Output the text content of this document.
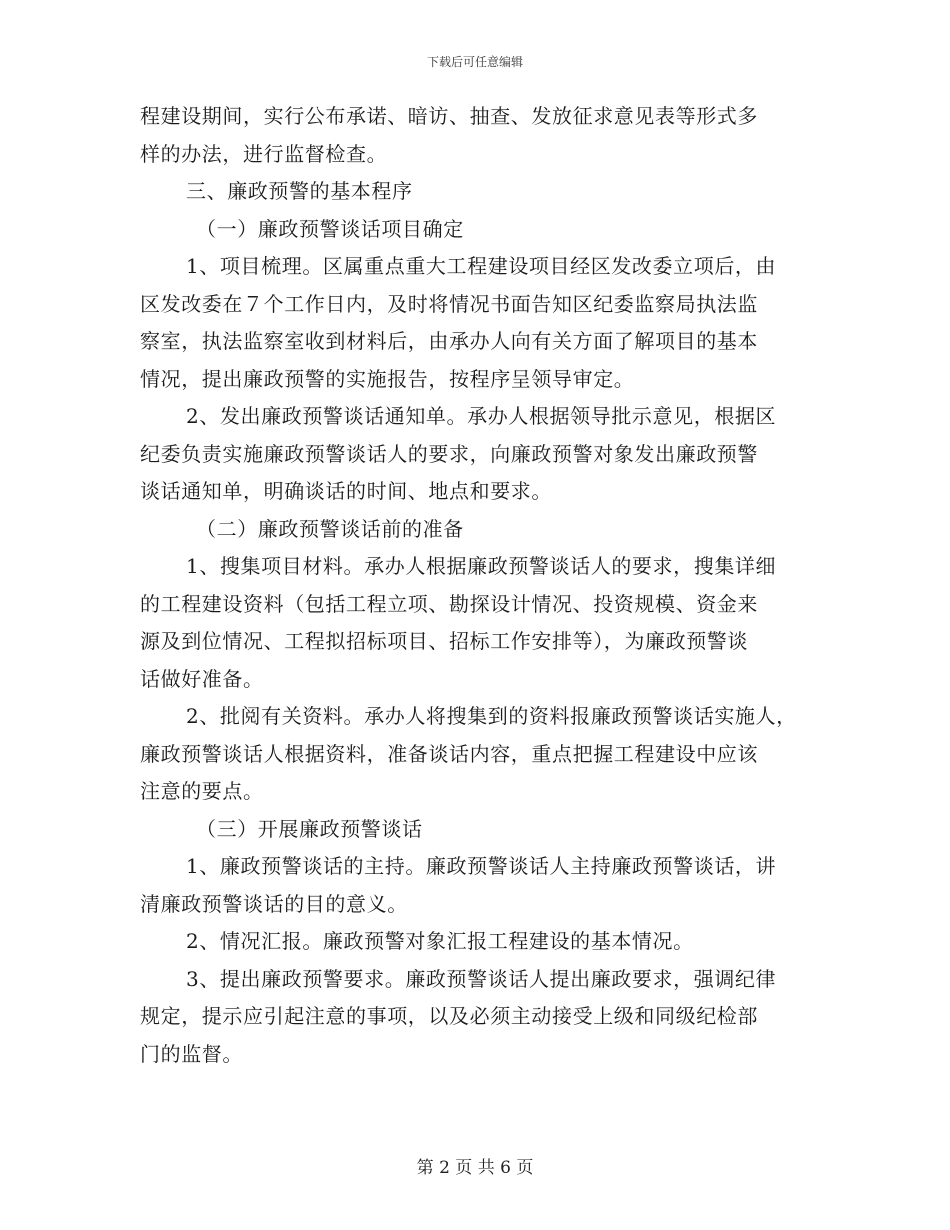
下载后可任意编辑
程建设期间，实行公布承诺、暗访、抽查、发放征求意见表等形式多
样的办法，进行监督检查。
三、廉政预警的基本程序
（一）廉政预警谈话项目确定
1、项目梳理。区属重点重大工程建设项目经区发改委立项后，由
区发改委在７个工作日内，及时将情况书面告知区纪委监察局执法监
察室，执法监察室收到材料后，由承办人向有关方面了解项目的基本
情况，提出廉政预警的实施报告，按程序呈领导审定。
2、发出廉政预警谈话通知单。承办人根据领导批示意见，根据区
纪委负责实施廉政预警谈话人的要求，向廉政预警对象发出廉政预警
谈话通知单，明确谈话的时间、地点和要求。
（二）廉政预警谈话前的准备
1、搜集项目材料。承办人根据廉政预警谈话人的要求，搜集详细
的工程建设资料（包括工程立项、勘探设计情况、投资规模、资金来
源及到位情况、工程拟招标项目、招标工作安排等），为廉政预警谈
话做好准备。
2、批阅有关资料。承办人将搜集到的资料报廉政预警谈话实施人，
廉政预警谈话人根据资料，准备谈话内容，重点把握工程建设中应该
注意的要点。
（三）开展廉政预警谈话
1、廉政预警谈话的主持。廉政预警谈话人主持廉政预警谈话，讲
清廉政预警谈话的目的意义。
2、情况汇报。廉政预警对象汇报工程建设的基本情况。
3、提出廉政预警要求。廉政预警谈话人提出廉政要求，强调纪律
规定，提示应引起注意的事项，以及必须主动接受上级和同级纪检部
门的监督。
第 2 页 共 6 页
